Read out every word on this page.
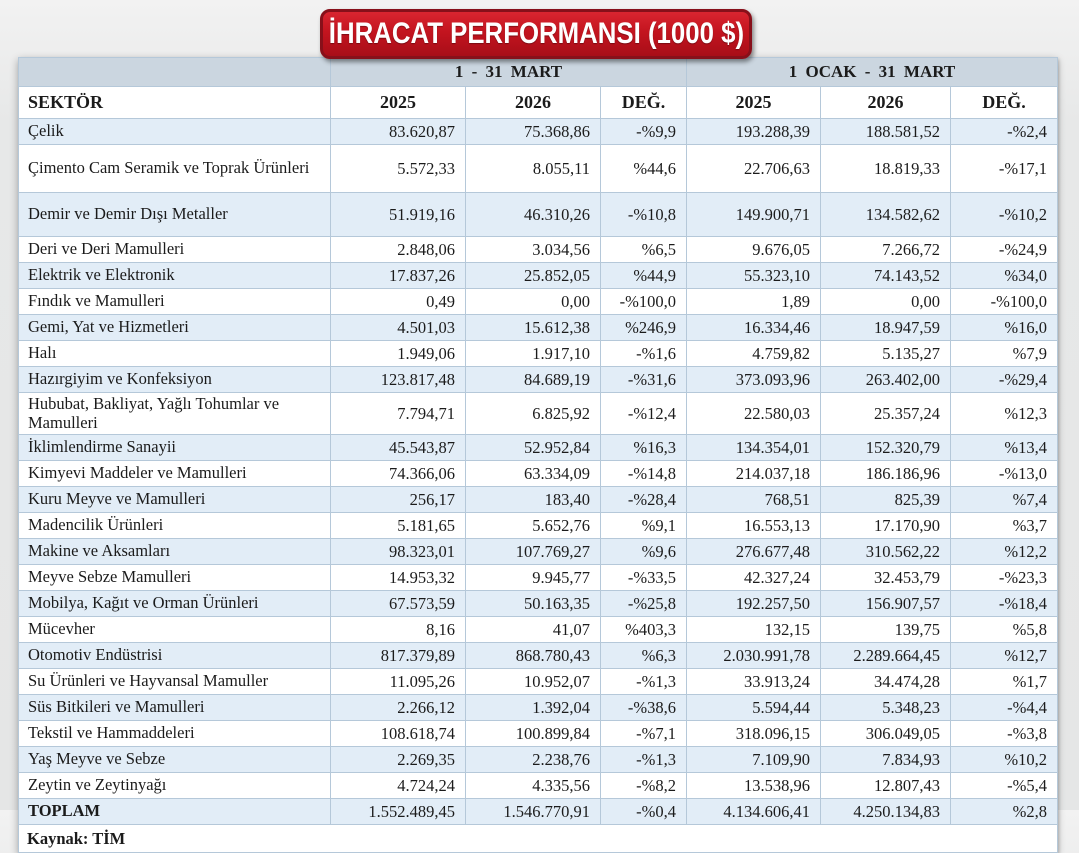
İHRACAT PERFORMANSI (1000 $)
	1 - 31 MART			1 OCAK - 31 MART		
SEKTÖR	2025	2026	DEĞ.	2025	2026	DEĞ.
Çelik	83.620,87	75.368,86	-%9,9	193.288,39	188.581,52	-%2,4
Çimento Cam Seramik ve Toprak Ürünleri	5.572,33	8.055,11	%44,6	22.706,63	18.819,33	-%17,1
Demir ve Demir Dışı Metaller	51.919,16	46.310,26	-%10,8	149.900,71	134.582,62	-%10,2
Deri ve Deri Mamulleri	2.848,06	3.034,56	%6,5	9.676,05	7.266,72	-%24,9
Elektrik ve Elektronik	17.837,26	25.852,05	%44,9	55.323,10	74.143,52	%34,0
Fındık ve Mamulleri	0,49	0,00	-%100,0	1,89	0,00	-%100,0
Gemi, Yat ve Hizmetleri	4.501,03	15.612,38	%246,9	16.334,46	18.947,59	%16,0
Halı	1.949,06	1.917,10	-%1,6	4.759,82	5.135,27	%7,9
Hazırgiyim ve Konfeksiyon	123.817,48	84.689,19	-%31,6	373.093,96	263.402,00	-%29,4
Hububat, Bakliyat, Yağlı Tohumlar ve Mamulleri	7.794,71	6.825,92	-%12,4	22.580,03	25.357,24	%12,3
İklimlendirme Sanayii	45.543,87	52.952,84	%16,3	134.354,01	152.320,79	%13,4
Kimyevi Maddeler ve Mamulleri	74.366,06	63.334,09	-%14,8	214.037,18	186.186,96	-%13,0
Kuru Meyve ve Mamulleri	256,17	183,40	-%28,4	768,51	825,39	%7,4
Madencilik Ürünleri	5.181,65	5.652,76	%9,1	16.553,13	17.170,90	%3,7
Makine ve Aksamları	98.323,01	107.769,27	%9,6	276.677,48	310.562,22	%12,2
Meyve Sebze Mamulleri	14.953,32	9.945,77	-%33,5	42.327,24	32.453,79	-%23,3
Mobilya, Kağıt ve Orman Ürünleri	67.573,59	50.163,35	-%25,8	192.257,50	156.907,57	-%18,4
Mücevher	8,16	41,07	%403,3	132,15	139,75	%5,8
Otomotiv Endüstrisi	817.379,89	868.780,43	%6,3	2.030.991,78	2.289.664,45	%12,7
Su Ürünleri ve Hayvansal Mamuller	11.095,26	10.952,07	-%1,3	33.913,24	34.474,28	%1,7
Süs Bitkileri ve Mamulleri	2.266,12	1.392,04	-%38,6	5.594,44	5.348,23	-%4,4
Tekstil ve Hammaddeleri	108.618,74	100.899,84	-%7,1	318.096,15	306.049,05	-%3,8
Yaş Meyve ve Sebze	2.269,35	2.238,76	-%1,3	7.109,90	7.834,93	%10,2
Zeytin ve Zeytinyağı	4.724,24	4.335,56	-%8,2	13.538,96	12.807,43	-%5,4
TOPLAM	1.552.489,45	1.546.770,91	-%0,4	4.134.606,41	4.250.134,83	%2,8
Kaynak: TİM						
